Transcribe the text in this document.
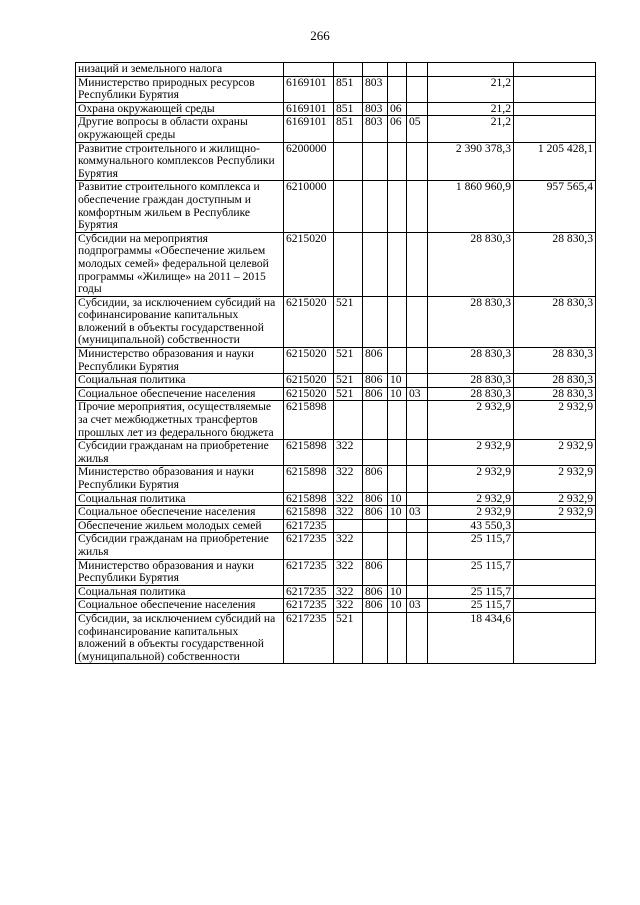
266
низаций и земельного налога							
Министерство природных ресурсов Республики Бурятия	6169101	851	803			21,2	
Охрана окружающей среды	6169101	851	803	06		21,2	
Другие вопросы в области охраны окружающей среды	6169101	851	803	06	05	21,2	
Развитие строительного и жилищно-коммунального комплексов Республики Бурятия	6200000					2 390 378,3	1 205 428,1
Развитие строительного комплекса и обеспечение граждан доступным и комфортным жильем в Республике Бурятия	6210000					1 860 960,9	957 565,4
Субсидии на мероприятия подпрограммы «Обеспечение жильем молодых семей» федеральной целевой программы «Жилище» на 2011 – 2015 годы	6215020					28 830,3	28 830,3
Субсидии, за исключением субсидий на софинансирование капитальных вложений в объекты государственной (муниципальной) собственности	6215020	521				28 830,3	28 830,3
Министерство образования и науки Республики Бурятия	6215020	521	806			28 830,3	28 830,3
Социальная политика	6215020	521	806	10		28 830,3	28 830,3
Социальное обеспечение населения	6215020	521	806	10	03	28 830,3	28 830,3
Прочие мероприятия, осуществляемые за счет межбюджетных трансфертов прошлых лет из федерального бюджета	6215898					2 932,9	2 932,9
Субсидии гражданам на приобретение жилья	6215898	322				2 932,9	2 932,9
Министерство образования и науки Республики Бурятия	6215898	322	806			2 932,9	2 932,9
Социальная политика	6215898	322	806	10		2 932,9	2 932,9
Социальное обеспечение населения	6215898	322	806	10	03	2 932,9	2 932,9
Обеспечение жильем молодых семей	6217235					43 550,3	
Субсидии гражданам на приобретение жилья	6217235	322				25 115,7	
Министерство образования и науки Республики Бурятия	6217235	322	806			25 115,7	
Социальная политика	6217235	322	806	10		25 115,7	
Социальное обеспечение населения	6217235	322	806	10	03	25 115,7	
Субсидии, за исключением субсидий на софинансирование капитальных вложений в объекты государственной (муниципальной) собственности	6217235	521				18 434,6	
